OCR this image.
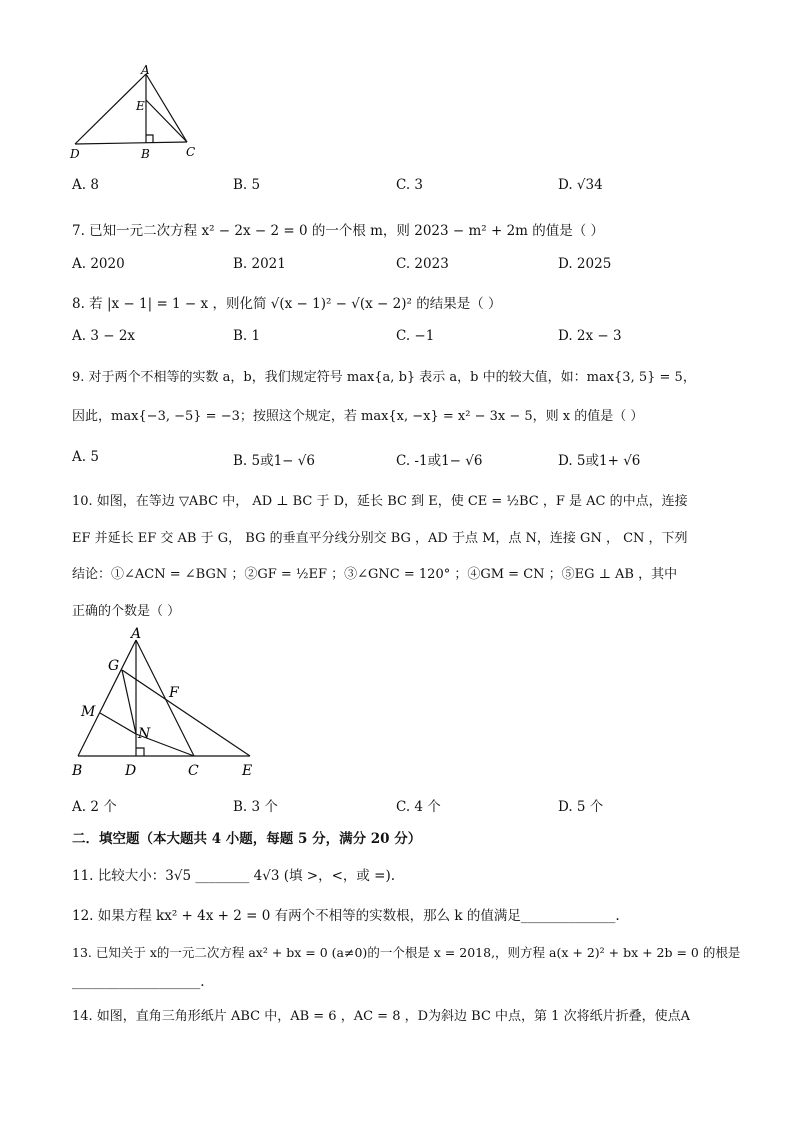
A
E
D	B	C
A. 8	B. 5	C. 3	D. √34
7. 已知一元二次方程 x² − 2x − 2 = 0 的一个根 m，则 2023 − m² + 2m 的值是（ ）
A. 2020	B. 2021	C. 2023	D. 2025
8. 若 |x − 1| = 1 − x ，则化简 √(x − 1)² − √(x − 2)² 的结果是（ ）
A. 3 − 2x	B. 1	C. −1	D. 2x − 3
9. 对于两个不相等的实数 a，b，我们规定符号 max{a, b} 表示 a，b 中的较大值，如：max{3, 5} = 5，
因此，max{−3, −5} = −3；按照这个规定，若 max{x, −x} = x² − 3x − 5，则 x 的值是（ ）
A. 5	B. 5或1− √6	C. -1或1− √6	D. 5或1+ √6
10. 如图，在等边 ▽ABC 中， AD ⊥ BC 于 D，延长 BC 到 E，使 CE = ½BC ，F 是 AC 的中点，连接
EF 并延长 EF 交 AB 于 G， BG 的垂直平分线分别交 BG ，AD 于点 M，点 N，连接 GN ， CN ，下列
结论：①∠ACN = ∠BGN ；②GF = ½EF ；③∠GNC = 120° ；④GM = CN ；⑤EG ⊥ AB ，其中
正确的个数是（ ）
A
G
F
M
N
B	D	C	E
A. 2 个	B. 3 个	C. 4 个	D. 5 个
二．填空题（本大题共 4 小题，每题 5 分，满分 20 分）
11. 比较大小：3√5 ________ 4√3 (填 >，<，或 =).
12. 如果方程 kx² + 4x + 2 = 0 有两个不相等的实数根，那么 k 的值满足______________.
13. 已知关于 x的一元二次方程 ax² + bx = 0 (a≠0)的一个根是 x = 2018,，则方程 a(x + 2)² + bx + 2b = 0 的根是
___________________.
14. 如图，直角三角形纸片 ABC 中，AB = 6 ，AC = 8 ，D为斜边 BC 中点，第 1 次将纸片折叠，使点A
